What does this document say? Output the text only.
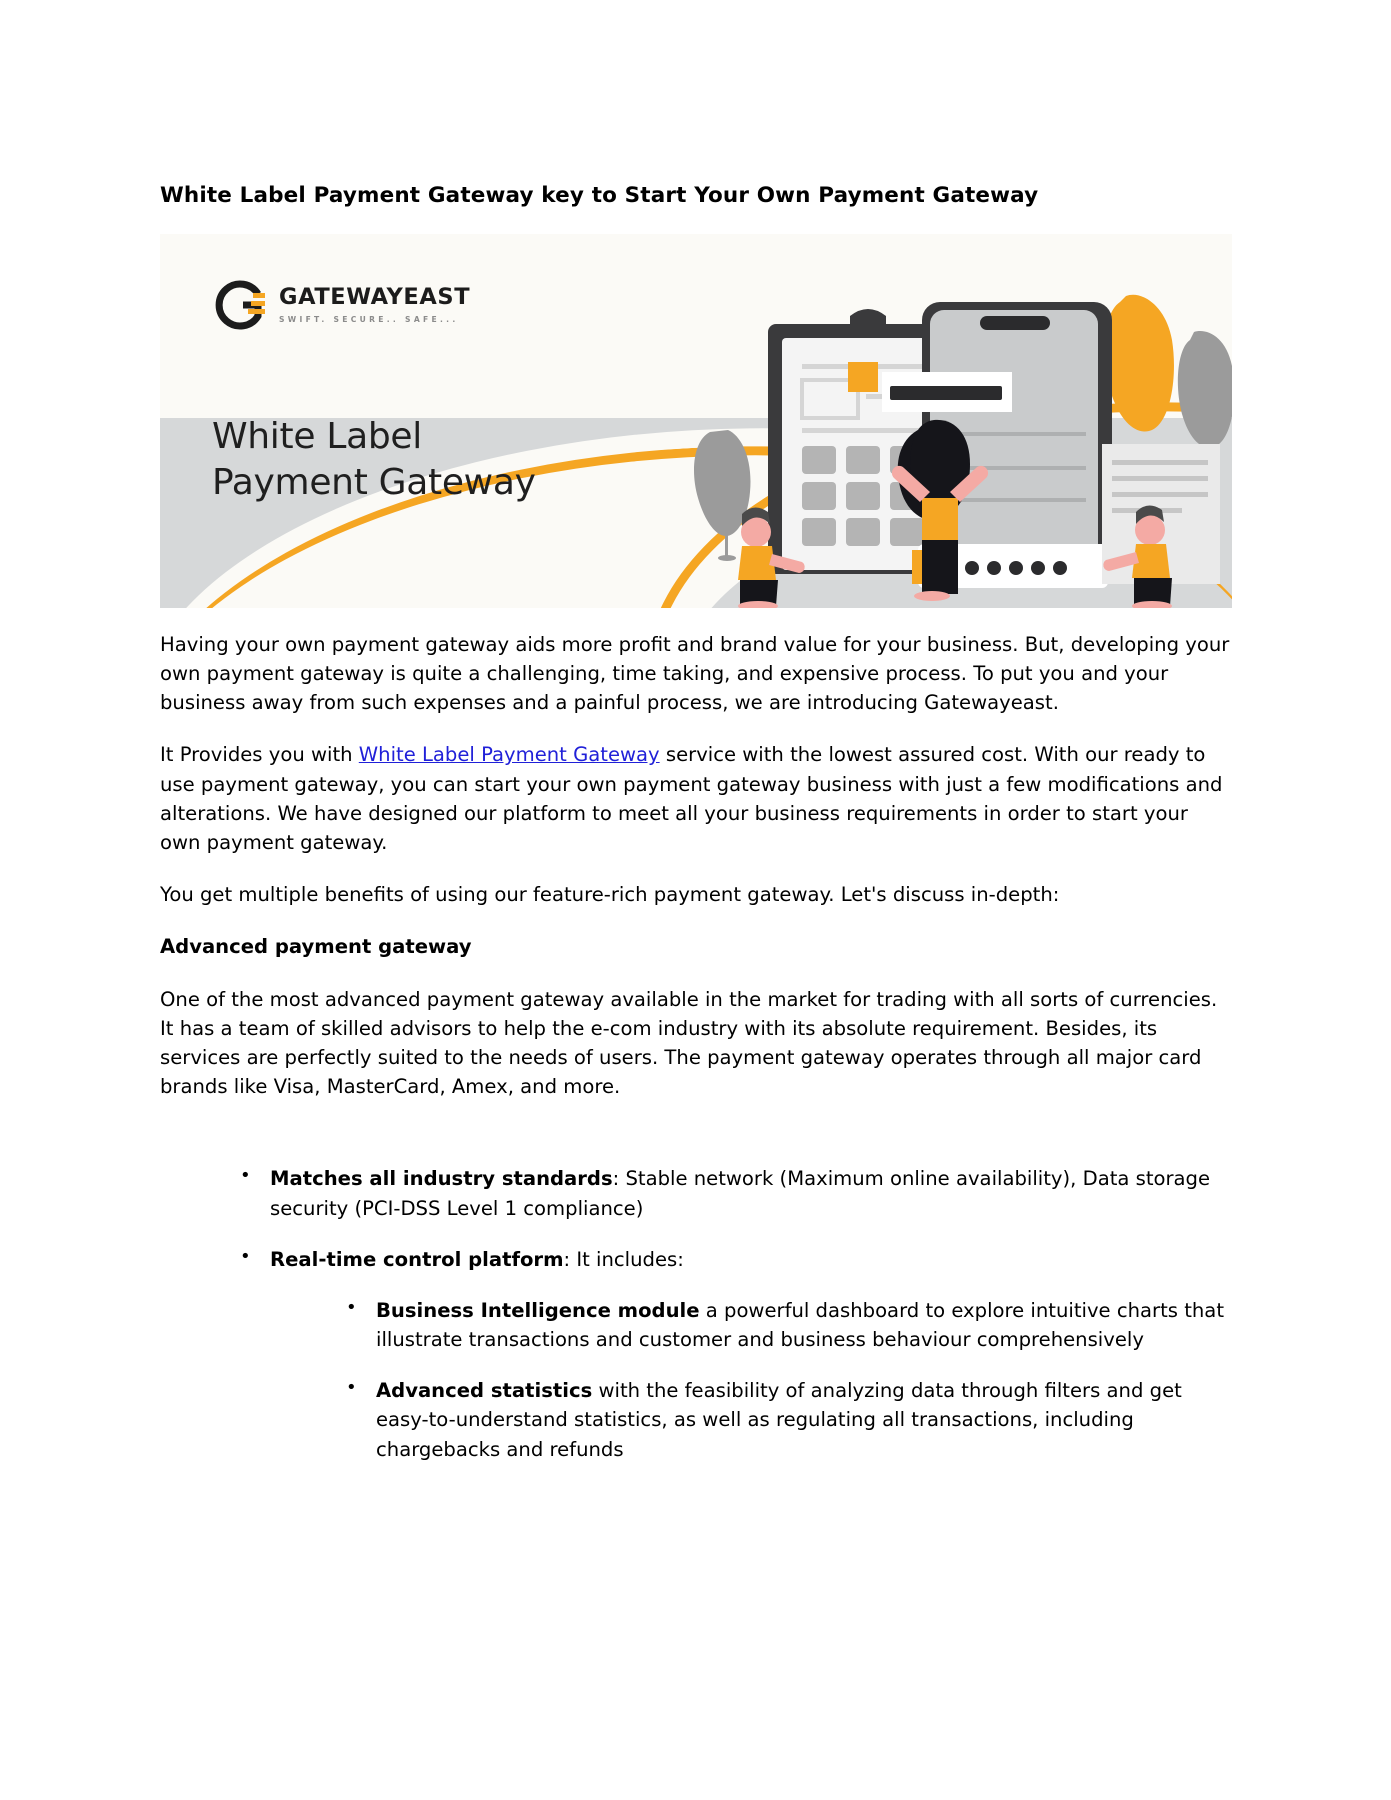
White Label Payment Gateway key to Start Your Own Payment Gateway
GATEWAYEAST
SWIFT. SECURE.. SAFE...
White Label
Payment Gateway

Having your own payment gateway aids more profit and brand value for your business. But, developing your own payment gateway is quite a challenging, time taking, and expensive process. To put you and your business away from such expenses and a painful process, we are introducing Gatewayeast.

It Provides you with White Label Payment Gateway service with the lowest assured cost. With our ready to use payment gateway, you can start your own payment gateway business with just a few modifications and alterations. We have designed our platform to meet all your business requirements in order to start your own payment gateway.

You get multiple benefits of using our feature-rich payment gateway. Let's discuss in-depth:

Advanced payment gateway

One of the most advanced payment gateway available in the market for trading with all sorts of currencies. It has a team of skilled advisors to help the e-com industry with its absolute requirement. Besides, its services are perfectly suited to the needs of users. The payment gateway operates through all major card brands like Visa, MasterCard, Amex, and more.

• Matches all industry standards: Stable network (Maximum online availability), Data storage security (PCI-DSS Level 1 compliance)
• Real-time control platform: It includes:
• Business Intelligence module a powerful dashboard to explore intuitive charts that illustrate transactions and customer and business behaviour comprehensively
• Advanced statistics with the feasibility of analyzing data through filters and get easy-to-understand statistics, as well as regulating all transactions, including chargebacks and refunds
